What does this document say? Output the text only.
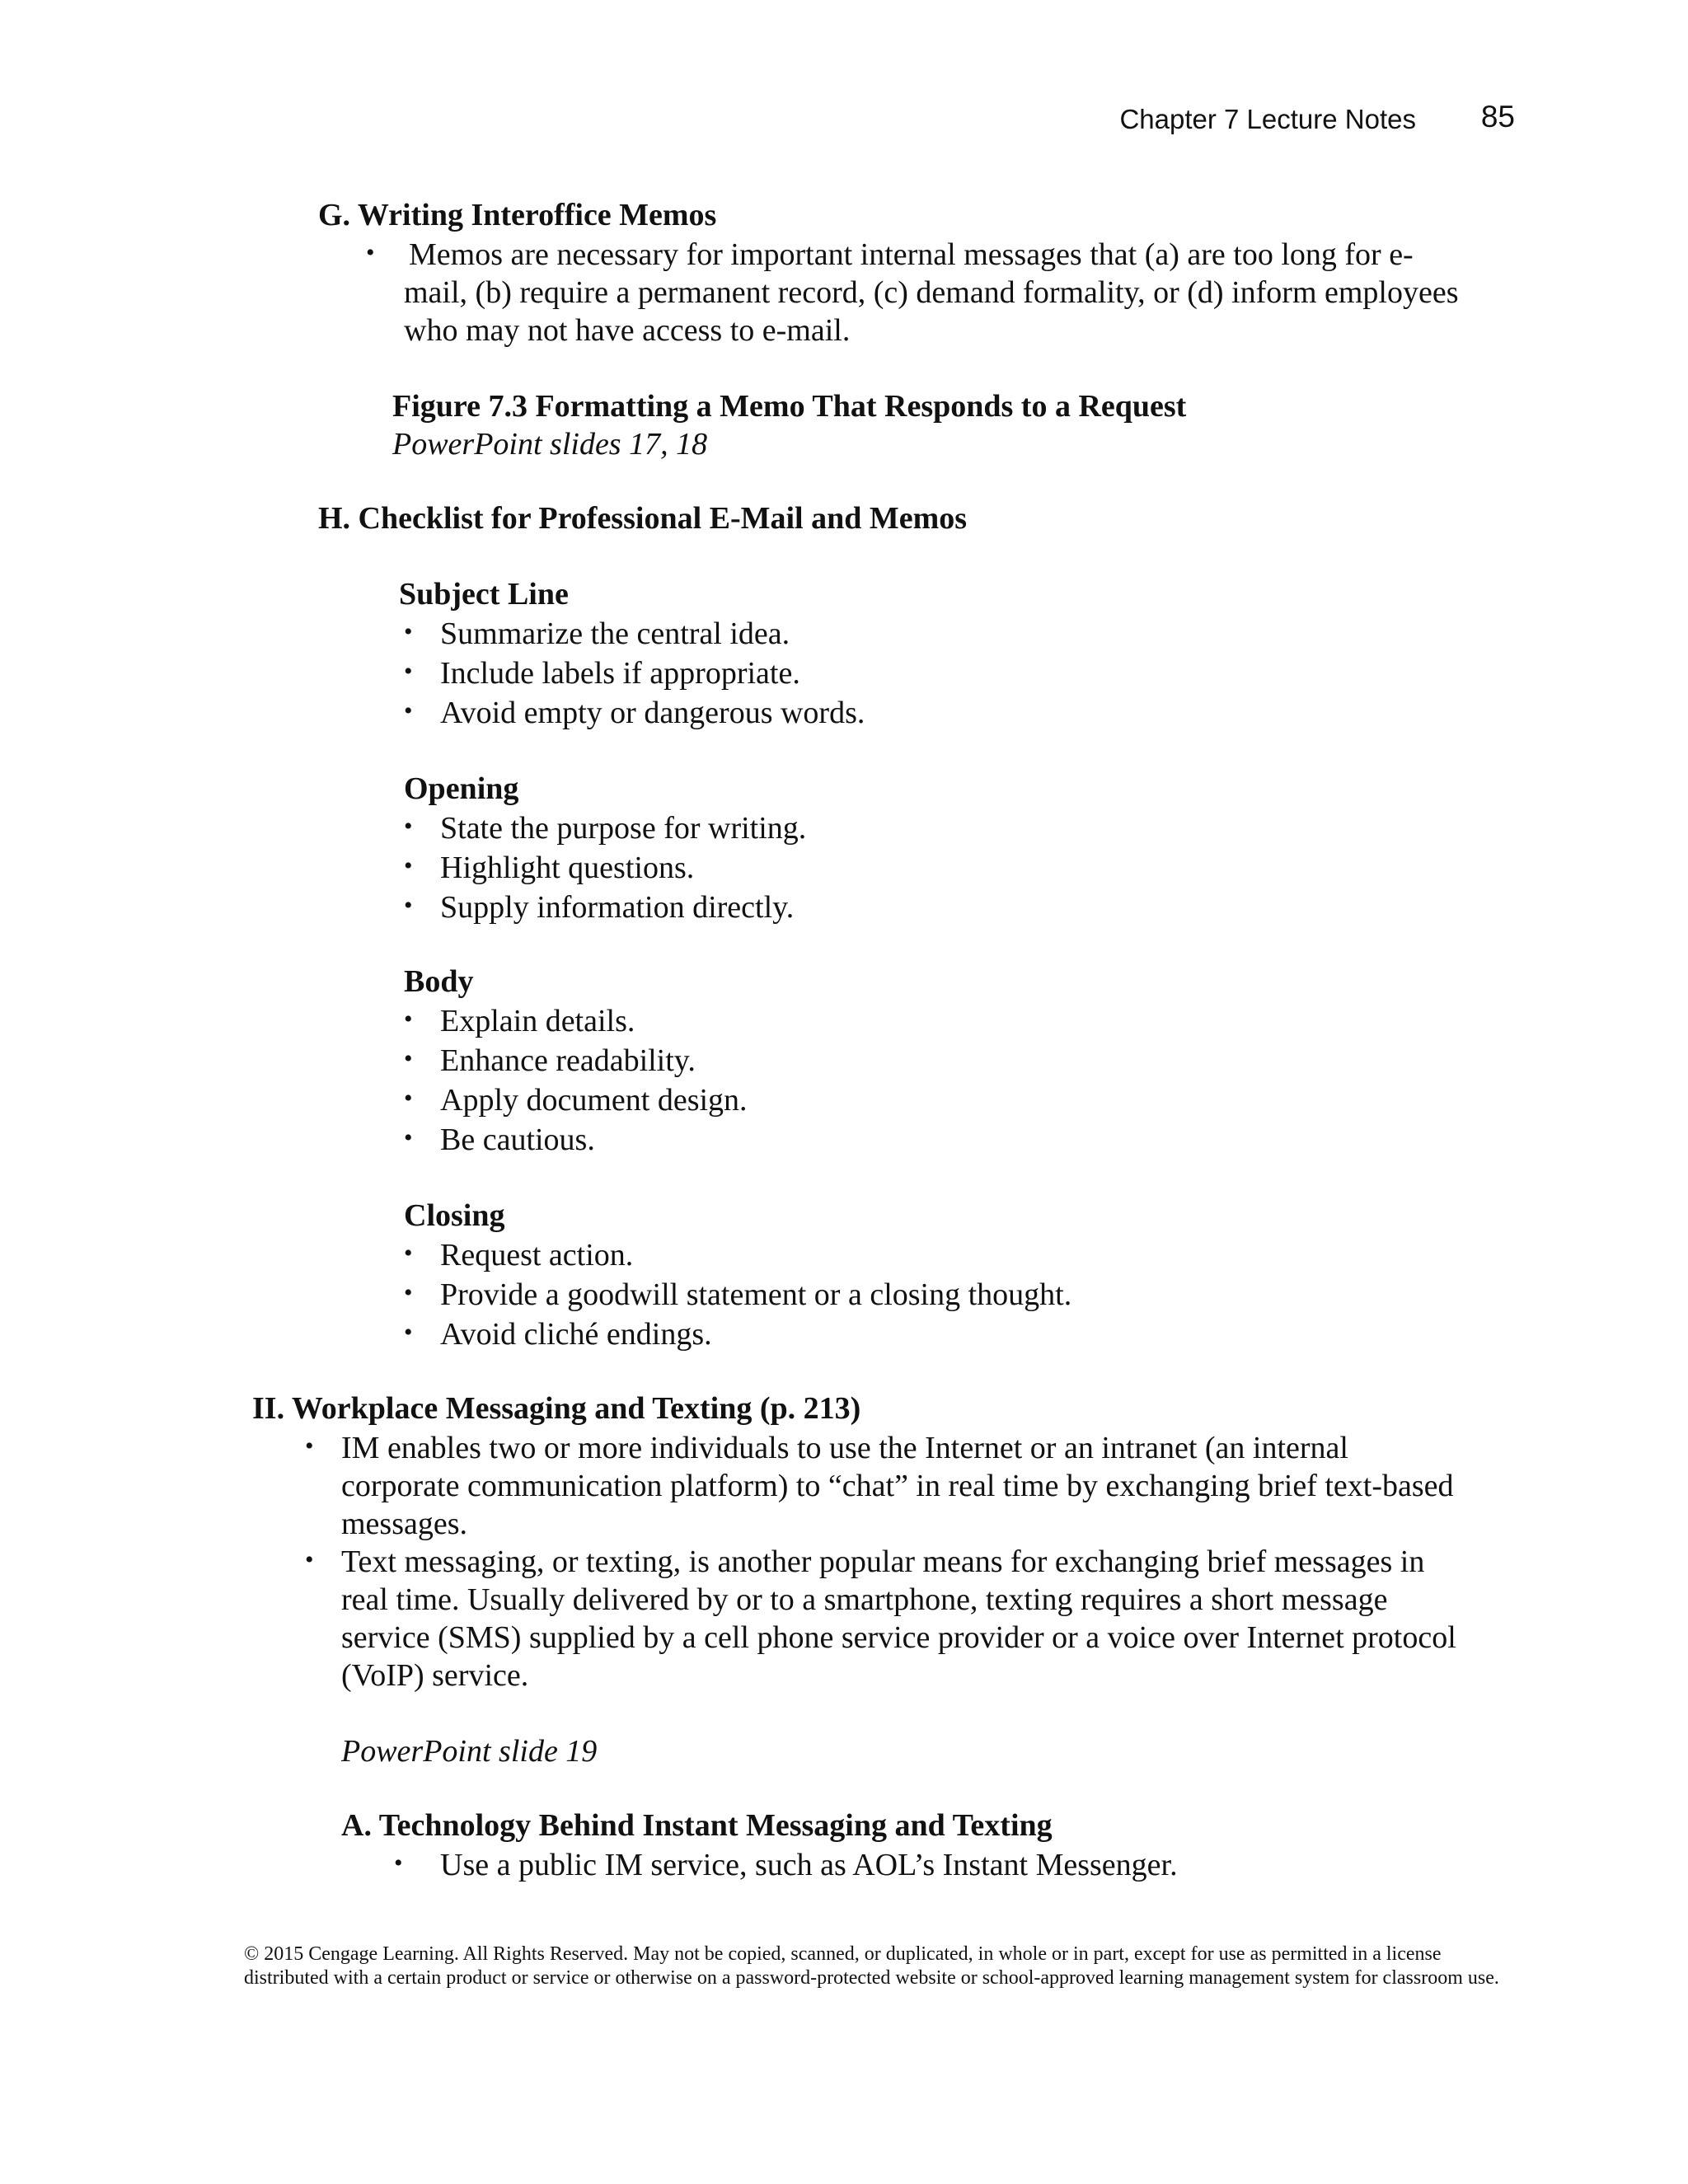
Chapter 7 Lecture Notes 85
G. Writing Interoffice Memos
• Memos are necessary for important internal messages that (a) are too long for e-
mail, (b) require a permanent record, (c) demand formality, or (d) inform employees
who may not have access to e-mail.
Figure 7.3 Formatting a Memo That Responds to a Request
PowerPoint slides 17, 18
H. Checklist for Professional E-Mail and Memos
Subject Line
• Summarize the central idea.
• Include labels if appropriate.
• Avoid empty or dangerous words.
Opening
• State the purpose for writing.
• Highlight questions.
• Supply information directly.
Body
• Explain details.
• Enhance readability.
• Apply document design.
• Be cautious.
Closing
• Request action.
• Provide a goodwill statement or a closing thought.
• Avoid cliché endings.
II. Workplace Messaging and Texting (p. 213)
• IM enables two or more individuals to use the Internet or an intranet (an internal
corporate communication platform) to “chat” in real time by exchanging brief text-based
messages.
• Text messaging, or texting, is another popular means for exchanging brief messages in
real time. Usually delivered by or to a smartphone, texting requires a short message
service (SMS) supplied by a cell phone service provider or a voice over Internet protocol
(VoIP) service.
PowerPoint slide 19
A. Technology Behind Instant Messaging and Texting
• Use a public IM service, such as AOL’s Instant Messenger.
© 2015 Cengage Learning. All Rights Reserved. May not be copied, scanned, or duplicated, in whole or in part, except for use as permitted in a license distributed with a certain product or service or otherwise on a password-protected website or school-approved learning management system for classroom use.
